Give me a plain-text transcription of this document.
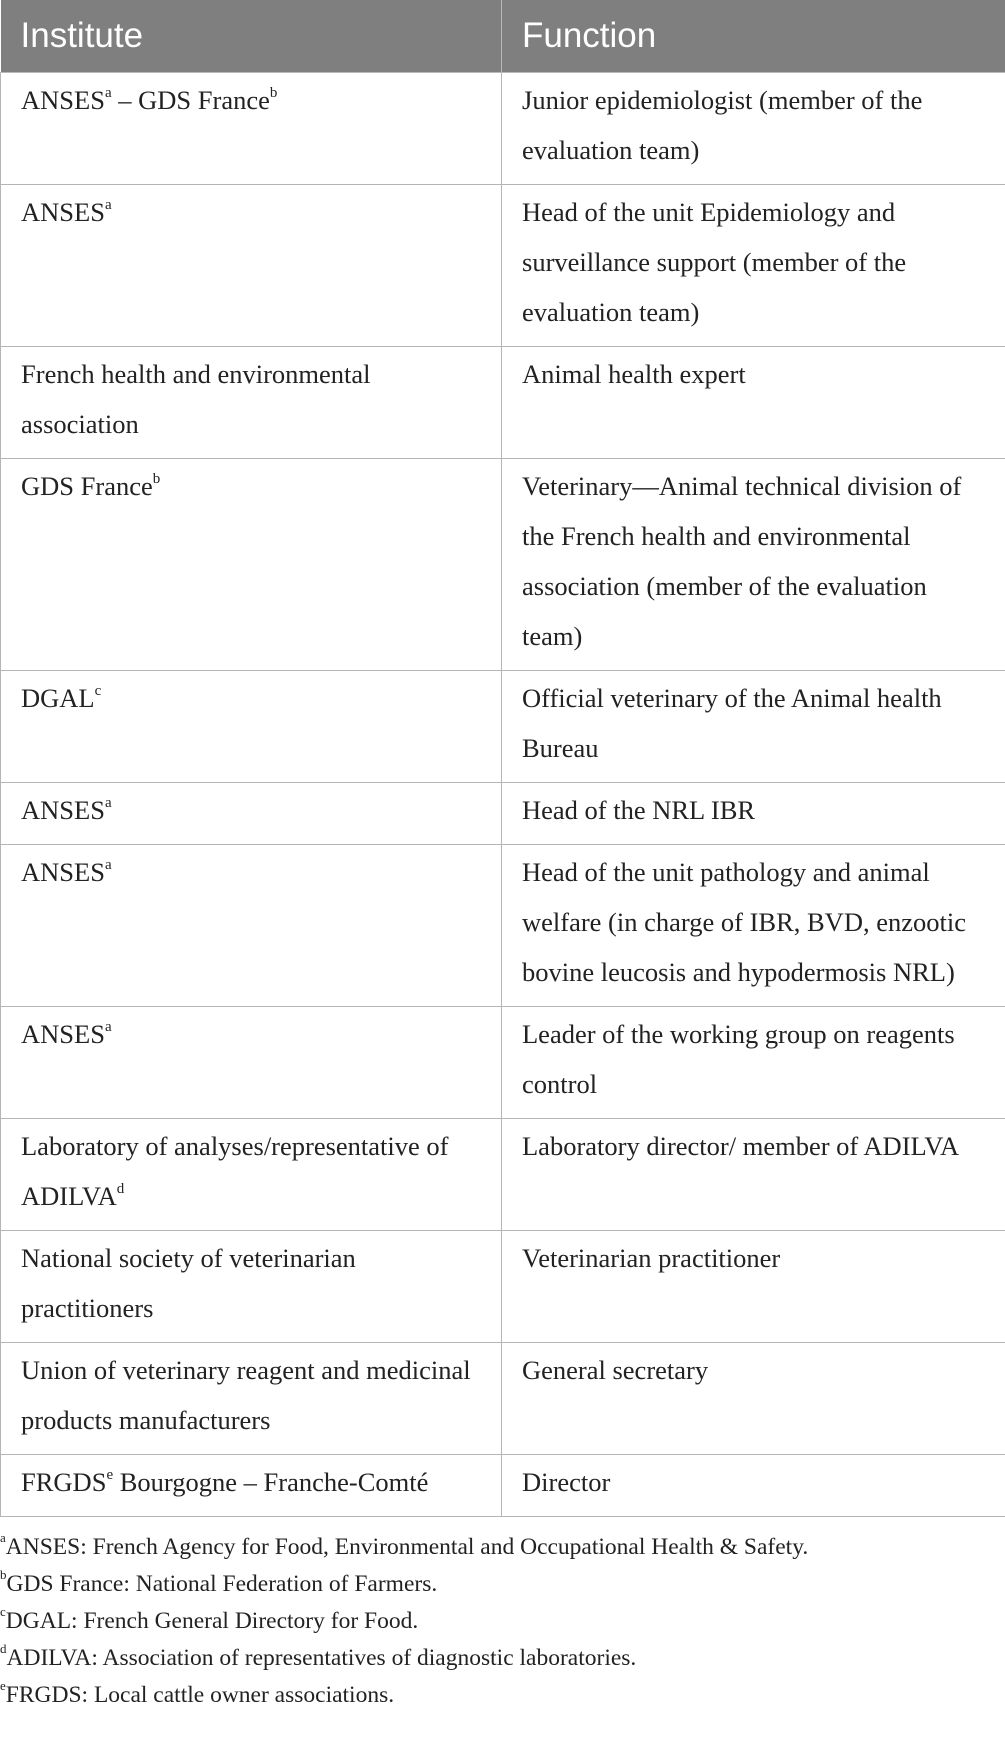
Institute	Function
ANSES$^a$ – GDS France$^b$	Junior epidemiologist (member of the evaluation team)
ANSES$^a$	Head of the unit Epidemiology and surveillance support (member of the evaluation team)
French health and environmental association	Animal health expert
GDS France$^b$	Veterinary—Animal technical division of the French health and environmental association (member of the evaluation team)
DGAL$^c$	Official veterinary of the Animal health Bureau
ANSES$^a$	Head of the NRL IBR
ANSES$^a$	Head of the unit pathology and animal welfare (in charge of IBR, BVD, enzootic bovine leucosis and hypodermosis NRL)
ANSES$^a$	Leader of the working group on reagents control
Laboratory of analyses/representative of ADILVA$^d$	Laboratory director/ member of ADILVA
National society of veterinarian practitioners	Veterinarian practitioner
Union of veterinary reagent and medicinal products manufacturers	General secretary
FRGDS$^e$ Bourgogne – Franche-Comté	Director
$^a$ANSES: French Agency for Food, Environmental and Occupational Health & Safety.
$^b$GDS France: National Federation of Farmers.
$^c$DGAL: French General Directory for Food.
$^d$ADILVA: Association of representatives of diagnostic laboratories.
$^e$FRGDS: Local cattle owner associations.
